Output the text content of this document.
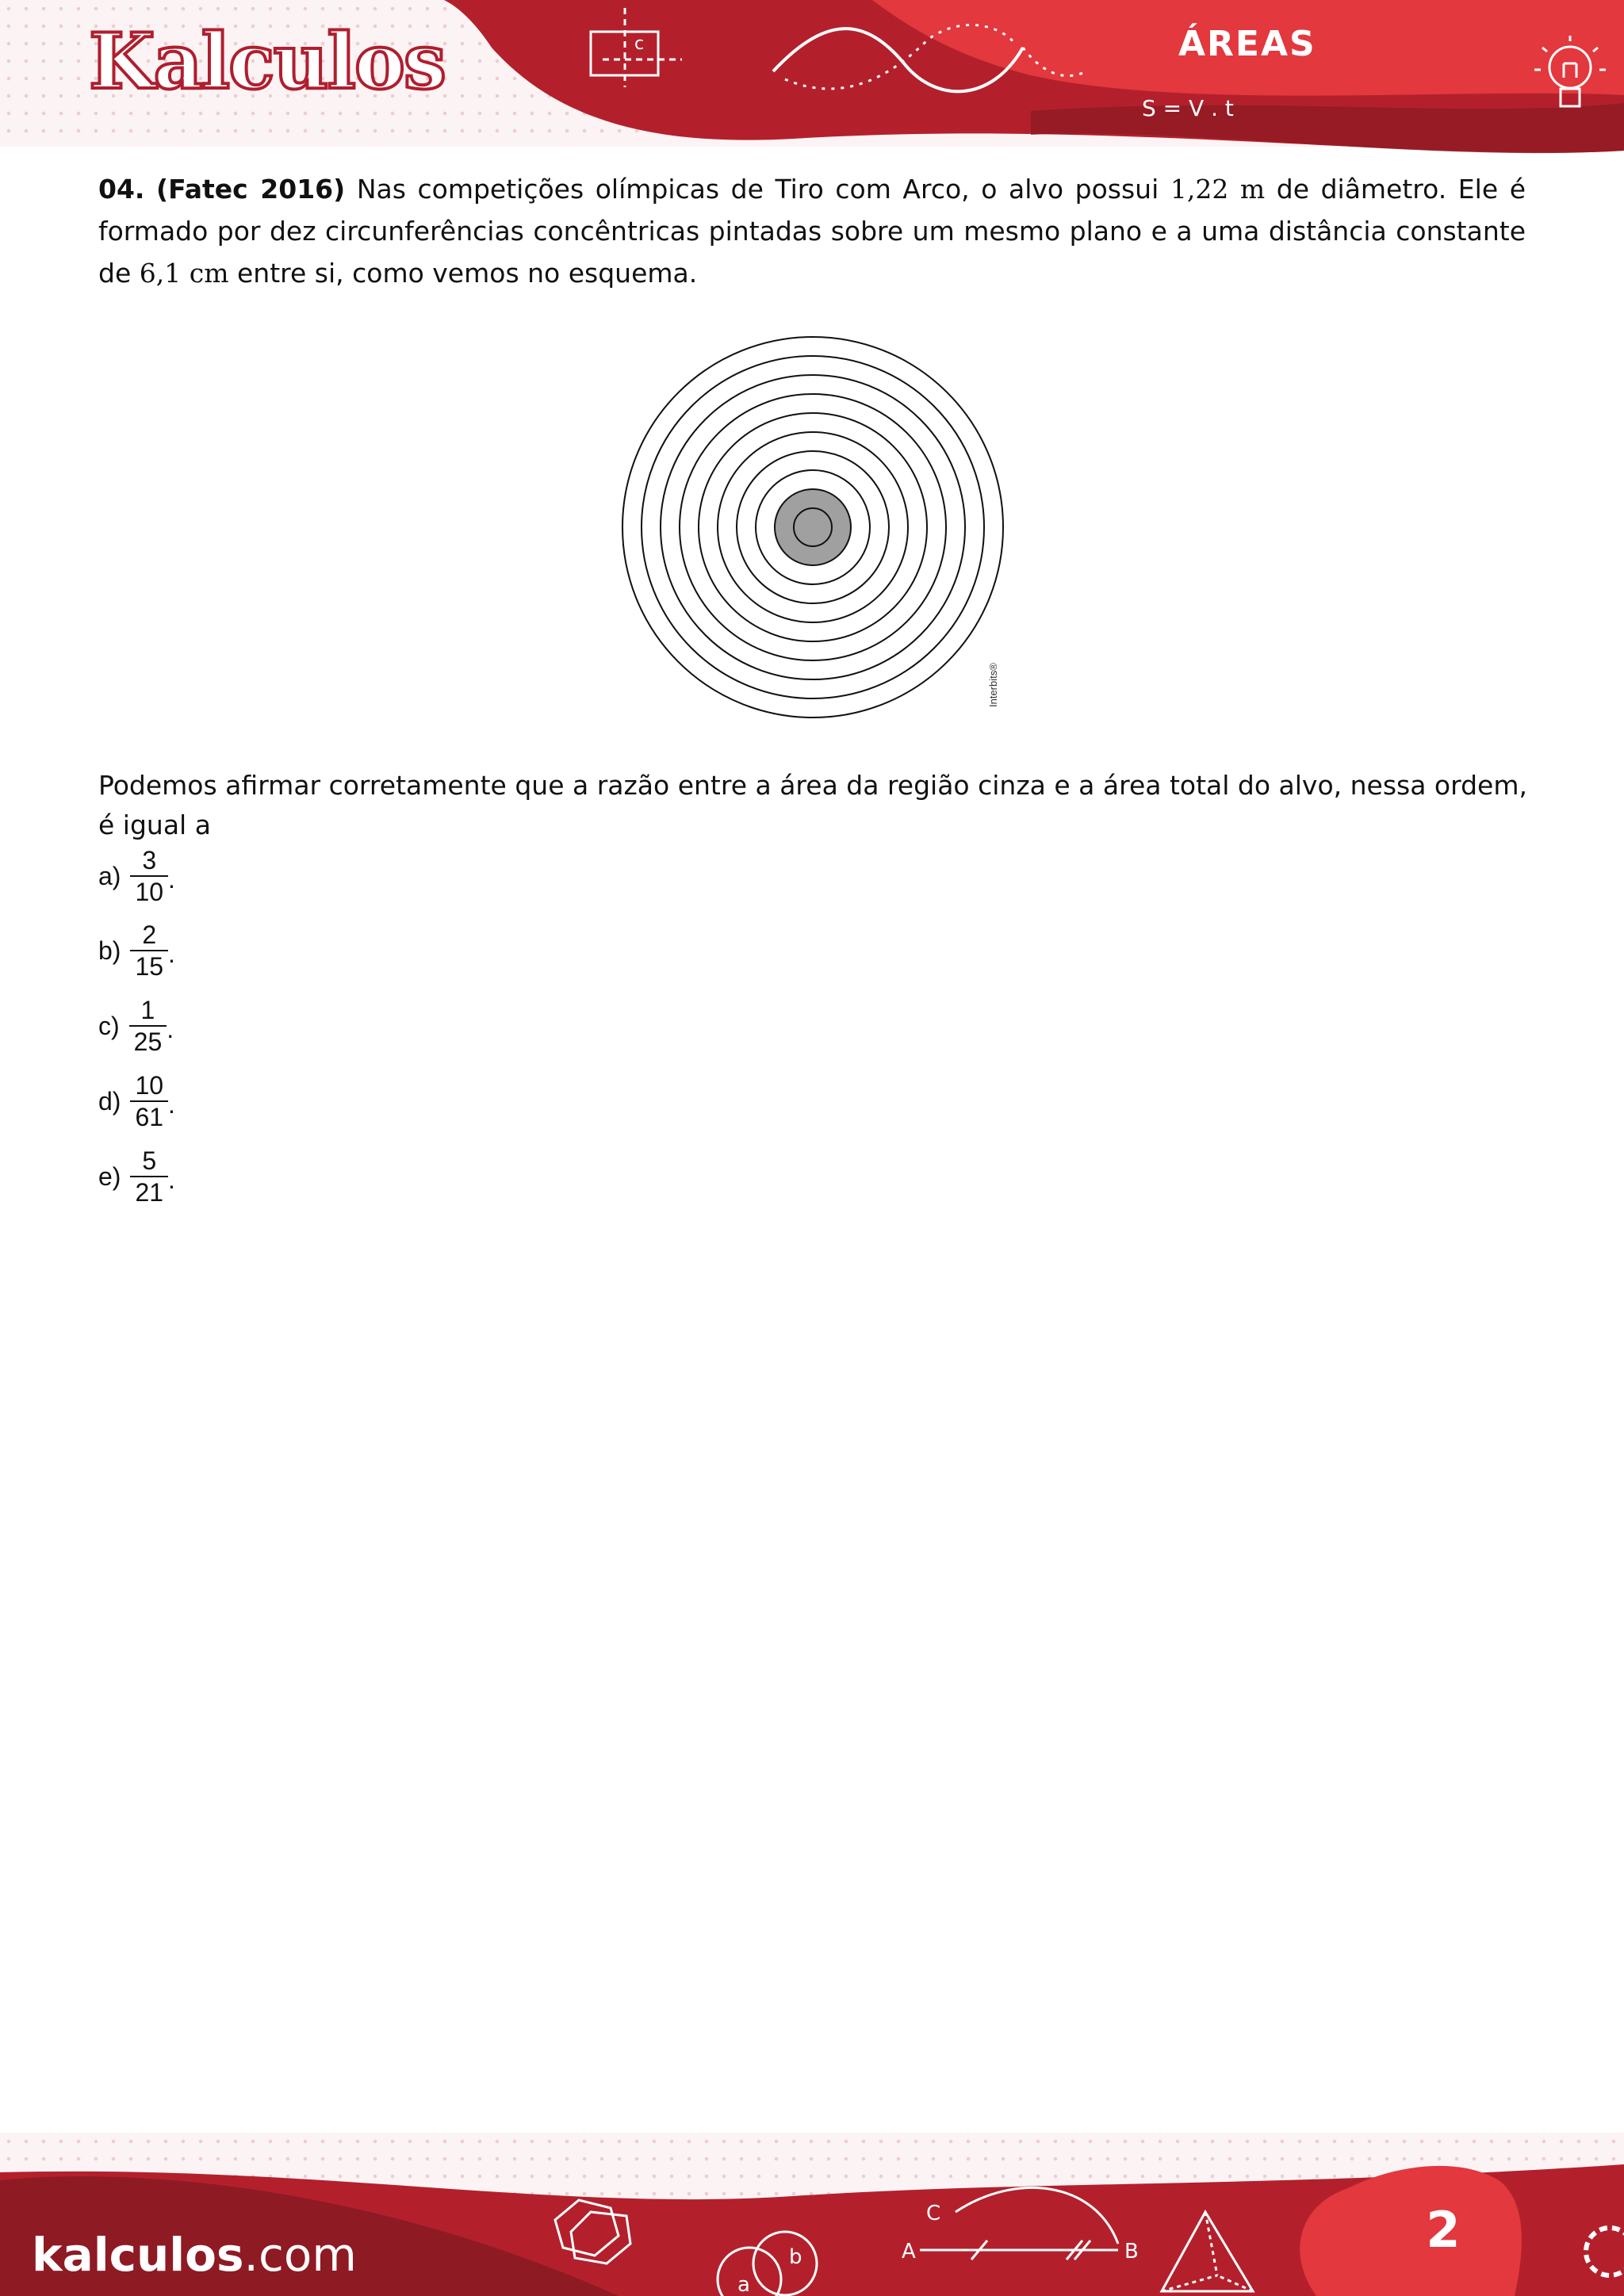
c
Kalculos	ÁREAS
S = V . t
04. (Fatec 2016) Nas competições olímpicas de Tiro com Arco, o alvo possui 1,22 m de diâmetro. Ele é formado por dez circunferências concêntricas pintadas sobre um mesmo plano e a uma distância constante de 6,1 cm entre si, como vemos no esquema.
Interbits®
Podemos afirmar corretamente que a razão entre a área da região cinza e a área total do alvo, nessa ordem, é igual a
$a) \frac{3}{10}$ .
$b) \frac{2}{15}$ .
$c) \frac{1}{25}$ .
$d) \frac{10}{61}$ .
$e) \frac{5}{21}$ .
C
A	B
a
b
kalculos.com	2
